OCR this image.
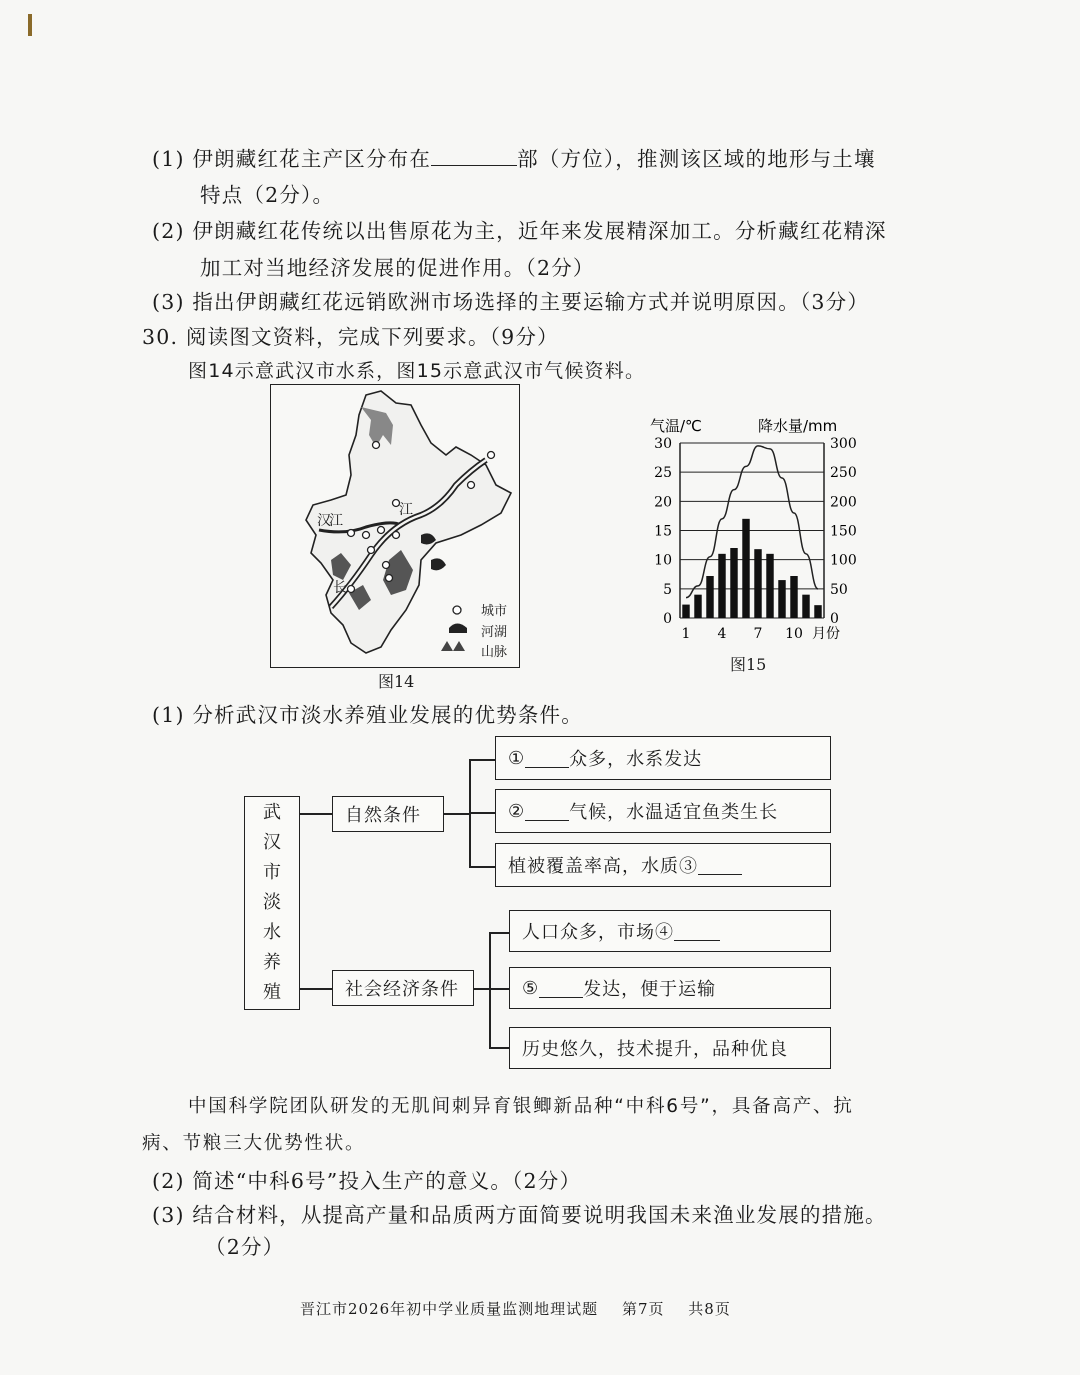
(1) 伊朗藏红花主产区分布在	部（方位），推测该区域的地形与土壤
特点（2分）。
(2) 伊朗藏红花传统以出售原花为主，近年来发展精深加工。分析藏红花精深
加工对当地经济发展的促进作用。（2分）
(3) 指出伊朗藏红花远销欧洲市场选择的主要运输方式并说明原因。（3分）
30. 阅读图文资料，完成下列要求。（9分）
图14示意武汉市水系，图15示意武汉市气候资料。
汉
江
江
长
城市
河湖
山脉
图14
0
5
10
15
20
25
30
0
50
100
150
200
250
300
1 4 7 10 月份
气温/℃	降水量/mm
图15
(1) 分析武汉市淡水养殖业发展的优势条件。
武
汉
市
淡
水
养
殖
自然条件
① 众多，水系发达
② 气候，水温适宜鱼类生长
植被覆盖率高，水质③
社会经济条件
人口众多，市场④
⑤ 发达，便于运输
历史悠久，技术提升，品种优良
中国科学院团队研发的无肌间刺异育银鲫新品种“中科6号”，具备高产、抗
病、节粮三大优势性状。
(2) 简述“中科6号”投入生产的意义。（2分）
(3) 结合材料，从提高产量和品质两方面简要说明我国未来渔业发展的措施。
（2分）
晋江市2026年初中学业质量监测地理试题 第7页 共8页
